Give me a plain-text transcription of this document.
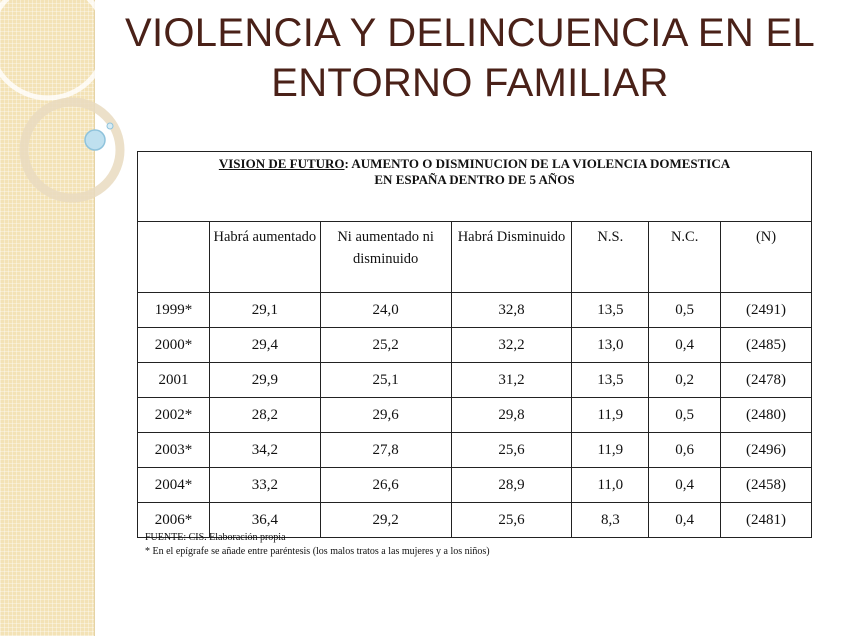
VIOLENCIA Y DELINCUENCIA EN EL
ENTORNO FAMILIAR
VISION DE FUTURO: AUMENTO O DISMINUCION DE LA VIOLENCIA DOMESTICA
EN ESPAÑA DENTRO DE 5 AÑOS						
	Habrá aumentado	Ni aumentado ni disminuido	Habrá Disminuido	N.S.	N.C.	(N)
1999*	29,1	24,0	32,8	13,5	0,5	(2491)
2000*	29,4	25,2	32,2	13,0	0,4	(2485)
2001	29,9	25,1	31,2	13,5	0,2	(2478)
2002*	28,2	29,6	29,8	11,9	0,5	(2480)
2003*	34,2	27,8	25,6	11,9	0,6	(2496)
2004*	33,2	26,6	28,9	11,0	0,4	(2458)
2006*	36,4	29,2	25,6	8,3	0,4	(2481)
FUENTE: CIS. Elaboración propia
* En el epígrafe se añade entre paréntesis (los malos tratos a las mujeres y a los niños)
